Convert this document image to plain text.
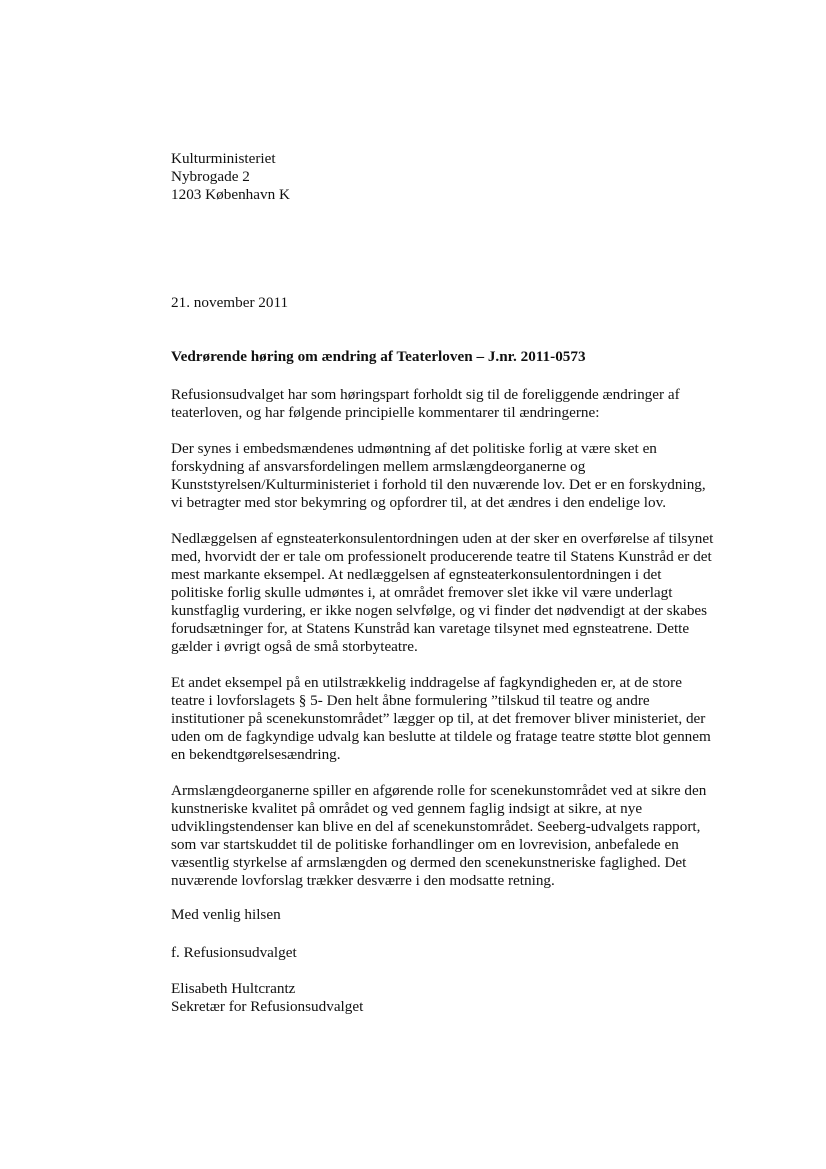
Kulturministeriet
Nybrogade 2
1203 København K
21. november 2011
Vedrørende høring om ændring af Teaterloven – J.nr. 2011-0573
Refusionsudvalget har som høringspart forholdt sig til de foreliggende ændringer af
teaterloven, og har følgende principielle kommentarer til ændringerne:
Der synes i embedsmændenes udmøntning af det politiske forlig at være sket en
forskydning af ansvarsfordelingen mellem armslængdeorganerne og
Kunststyrelsen/Kulturministeriet i forhold til den nuværende lov. Det er en forskydning,
vi betragter med stor bekymring og opfordrer til, at det ændres i den endelige lov.
Nedlæggelsen af egnsteaterkonsulentordningen uden at der sker en overførelse af tilsynet
med, hvorvidt der er tale om professionelt producerende teatre til Statens Kunstråd er det
mest markante eksempel. At nedlæggelsen af egnsteaterkonsulentordningen i det
politiske forlig skulle udmøntes i, at området fremover slet ikke vil være underlagt
kunstfaglig vurdering, er ikke nogen selvfølge, og vi finder det nødvendigt at der skabes
forudsætninger for, at Statens Kunstråd kan varetage tilsynet med egnsteatrene. Dette
gælder i øvrigt også de små storbyteatre.
Et andet eksempel på en utilstrækkelig inddragelse af fagkyndigheden er, at de store
teatre i lovforslagets § 5- Den helt åbne formulering ”tilskud til teatre og andre
institutioner på scenekunstområdet” lægger op til, at det fremover bliver ministeriet, der
uden om de fagkyndige udvalg kan beslutte at tildele og fratage teatre støtte blot gennem
en bekendtgørelsesændring.
Armslængdeorganerne spiller en afgørende rolle for scenekunstområdet ved at sikre den
kunstneriske kvalitet på området og ved gennem faglig indsigt at sikre, at nye
udviklingstendenser kan blive en del af scenekunstområdet. Seeberg-udvalgets rapport,
som var startskuddet til de politiske forhandlinger om en lovrevision, anbefalede en
væsentlig styrkelse af armslængden og dermed den scenekunstneriske faglighed. Det
nuværende lovforslag trækker desværre i den modsatte retning.
Med venlig hilsen
f. Refusionsudvalget
Elisabeth Hultcrantz
Sekretær for Refusionsudvalget
